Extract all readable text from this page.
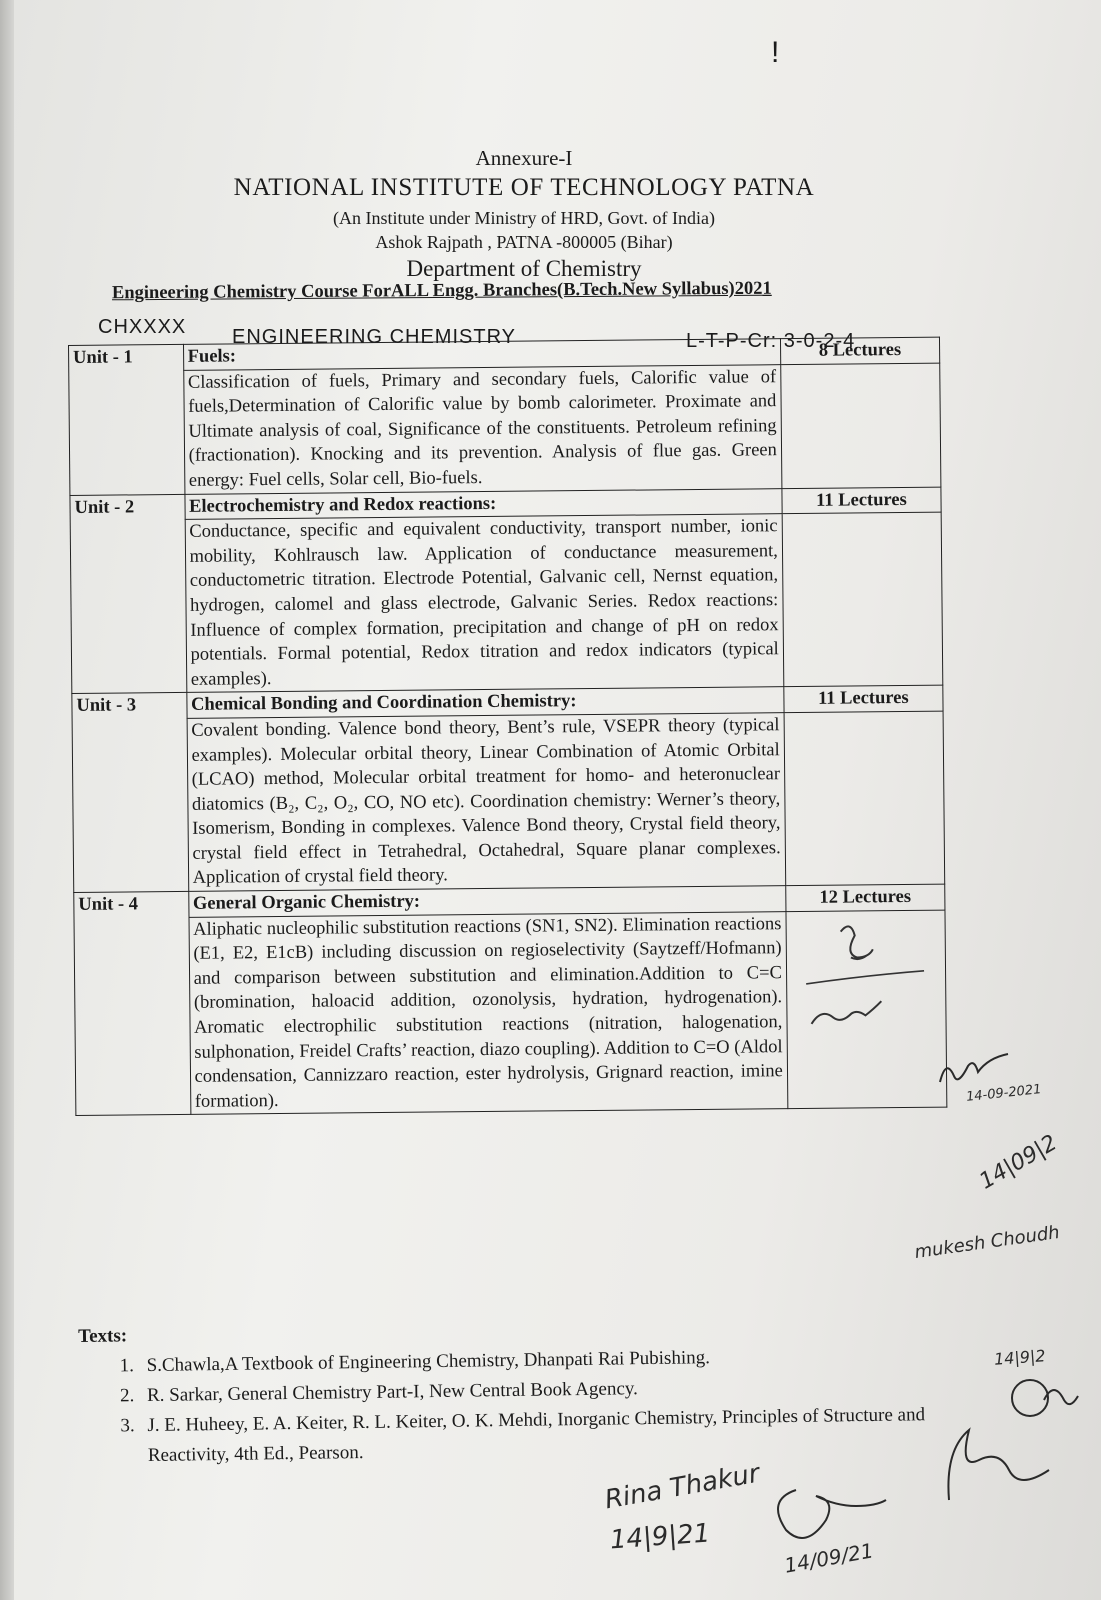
!
Annexure-I
NATIONAL INSTITUTE OF TECHNOLOGY PATNA
(An Institute under Ministry of HRD, Govt. of India)
Ashok Rajpath , PATNA -800005 (Bihar)
Department of Chemistry
Engineering Chemistry Course ForALL Engg. Branches(B.Tech.New Syllabus)2021
CHXXXX ENGINEERING CHEMISTRY	L-T-P-Cr: 3-0-2-4
Unit - 1	Fuels:	8 Lectures
	Classification of fuels, Primary and secondary fuels, Calorific value of fuels,Determination of Calorific value by bomb calorimeter. Proximate and Ultimate analysis of coal, Significance of the constituents. Petroleum refining (fractionation). Knocking and its prevention. Analysis of flue gas. Green energy: Fuel cells, Solar cell, Bio-fuels.	
Unit - 2	Electrochemistry and Redox reactions:	11 Lectures
	Conductance, specific and equivalent conductivity, transport number, ionic mobility, Kohlrausch law. Application of conductance measurement, conductometric titration. Electrode Potential, Galvanic cell, Nernst equation, hydrogen, calomel and glass electrode, Galvanic Series. Redox reactions: Influence of complex formation, precipitation and change of pH on redox potentials. Formal potential, Redox titration and redox indicators (typical examples).	
Unit - 3	Chemical Bonding and Coordination Chemistry:	11 Lectures
	Covalent bonding. Valence bond theory, Bent’s rule, VSEPR theory (typical examples). Molecular orbital theory, Linear Combination of Atomic Orbital (LCAO) method, Molecular orbital treatment for homo- and heteronuclear diatomics (B₂, C₂, O₂, CO, NO etc). Coordination chemistry: Werner’s theory, Isomerism, Bonding in complexes. Valence Bond theory, Crystal field theory, crystal field effect in Tetrahedral, Octahedral, Square planar complexes. Application of crystal field theory.	
Unit - 4	General Organic Chemistry:	12 Lectures
	Aliphatic nucleophilic substitution reactions (SN1, SN2). Elimination reactions (E1, E2, E1cB) including discussion on regioselectivity (Saytzeff/Hofmann) and comparison between substitution and elimination.Addition to C=C (bromination, haloacid addition, ozonolysis, hydration, hydrogenation). Aromatic electrophilic substitution reactions (nitration, halogenation, sulphonation, Freidel Crafts’ reaction, diazo coupling). Addition to C=O (Aldol condensation, Cannizzaro reaction, ester hydrolysis, Grignard reaction, imine formation).	
Texts:
1. S.Chawla,A Textbook of Engineering Chemistry, Dhanpati Rai Pubishing.
2. R. Sarkar, General Chemistry Part-I, New Central Book Agency.
3. J. E. Huheey, E. A. Keiter, R. L. Keiter, O. K. Mehdi, Inorganic Chemistry, Principles of Structure and Reactivity, 4th Ed., Pearson.
14-09-2021
14|09|2
mukesh Choudh
14|9|2
Rina Thakur
14|9|21
14/09/21
